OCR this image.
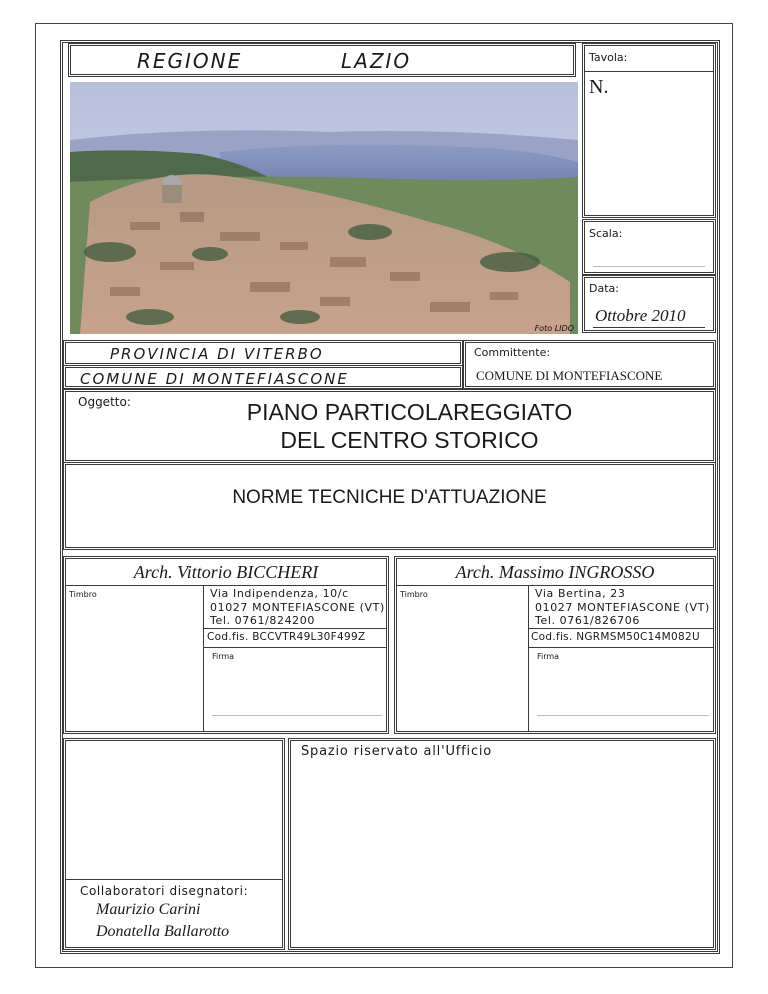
REGIONE	LAZIO
Foto LIDO
Tavola:
N.
Scala:
Data:
Ottobre 2010
PROVINCIA DI VITERBO
COMUNE DI MONTEFIASCONE
Committente:
COMUNE DI MONTEFIASCONE
Oggetto:	PIANO PARTICOLAREGGIATO
DEL CENTRO STORICO
NORME TECNICHE D'ATTUAZIONE
Arch. Vittorio BICCHERI
Timbro	Via Indipendenza, 10/c
01027 MONTEFIASCONE (VT)
Tel. 0761/824200
Cod.fis. BCCVTR49L30F499Z
Firma
Arch. Massimo INGROSSO
Timbro	Via Bertina, 23
01027 MONTEFIASCONE (VT)
Tel. 0761/826706
Cod.fis. NGRMSM50C14M082U
Firma
Collaboratori disegnatori:
Maurizio Carini
Donatella Ballarotto
Spazio riservato all'Ufficio
